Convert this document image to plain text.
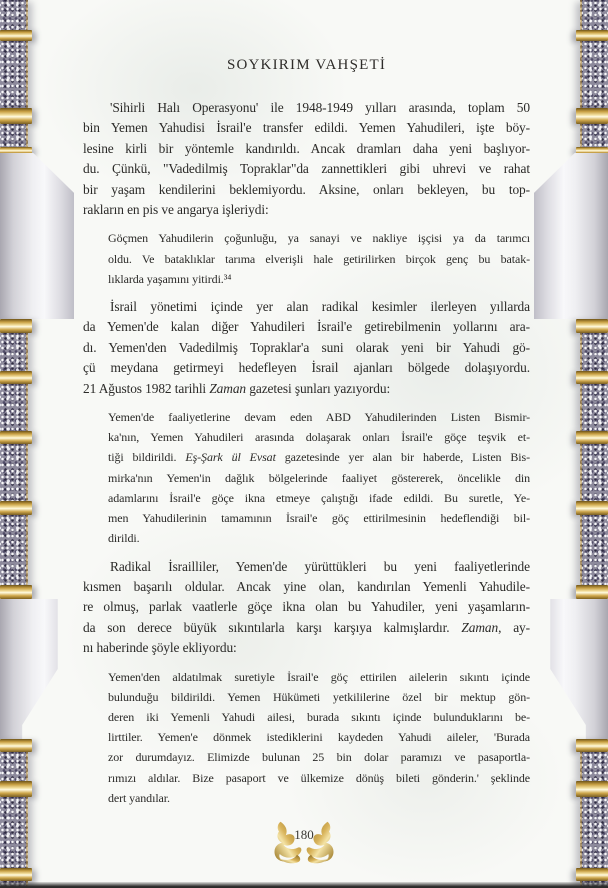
SOYKIRIM VAHŞETİ
'Sihirli Halı Operasyonu' ile 1948-1949 yılları arasında, toplam 50
bin Yemen Yahudisi İsrail'e transfer edildi. Yemen Yahudileri, işte böy-
lesine kirli bir yöntemle kandırıldı. Ancak dramları daha yeni başlıyor-
du. Çünkü, "Vadedilmiş Topraklar"da zannettikleri gibi uhrevi ve rahat
bir yaşam kendilerini beklemiyordu. Aksine, onları bekleyen, bu top-
rakların en pis ve angarya işleriydi:
Göçmen Yahudilerin çoğunluğu, ya sanayi ve nakliye işçisi ya da tarımcı
oldu. Ve bataklıklar tarıma elverişli hale getirilirken birçok genç bu batak-
lıklarda yaşamını yitirdi.³⁴
İsrail yönetimi içinde yer alan radikal kesimler ilerleyen yıllarda
da Yemen'de kalan diğer Yahudileri İsrail'e getirebilmenin yollarını ara-
dı. Yemen'den Vadedilmiş Topraklar'a suni olarak yeni bir Yahudi gö-
çü meydana getirmeyi hedefleyen İsrail ajanları bölgede dolaşıyordu.
21 Ağustos 1982 tarihli Zaman gazetesi şunları yazıyordu:
Yemen'de faaliyetlerine devam eden ABD Yahudilerinden Listen Bismir-
ka'nın, Yemen Yahudileri arasında dolaşarak onları İsrail'e göçe teşvik et-
tiği bildirildi. Eş-Şark ül Evsat gazetesinde yer alan bir haberde, Listen Bis-
mirka'nın Yemen'in dağlık bölgelerinde faaliyet göstererek, öncelikle din
adamlarını İsrail'e göçe ikna etmeye çalıştığı ifade edildi. Bu suretle, Ye-
men Yahudilerinin tamamının İsrail'e göç ettirilmesinin hedeflendiği bil-
dirildi.
Radikal İsrailliler, Yemen'de yürüttükleri bu yeni faaliyetlerinde
kısmen başarılı oldular. Ancak yine olan, kandırılan Yemenli Yahudile-
re olmuş, parlak vaatlerle göçe ikna olan bu Yahudiler, yeni yaşamların-
da son derece büyük sıkıntılarla karşı karşıya kalmışlardır. Zaman, ay-
nı haberinde şöyle ekliyordu:
Yemen'den aldatılmak suretiyle İsrail'e göç ettirilen ailelerin sıkıntı içinde
bulunduğu bildirildi. Yemen Hükümeti yetkililerine özel bir mektup gön-
deren iki Yemenli Yahudi ailesi, burada sıkıntı içinde bulunduklarını be-
lirttiler. Yemen'e dönmek istediklerini kaydeden Yahudi aileler, 'Burada
zor durumdayız. Elimizde bulunan 25 bin dolar paramızı ve pasaportla-
rımızı aldılar. Bize pasaport ve ülkemize dönüş bileti gönderin.' şeklinde
dert yandılar.
180
